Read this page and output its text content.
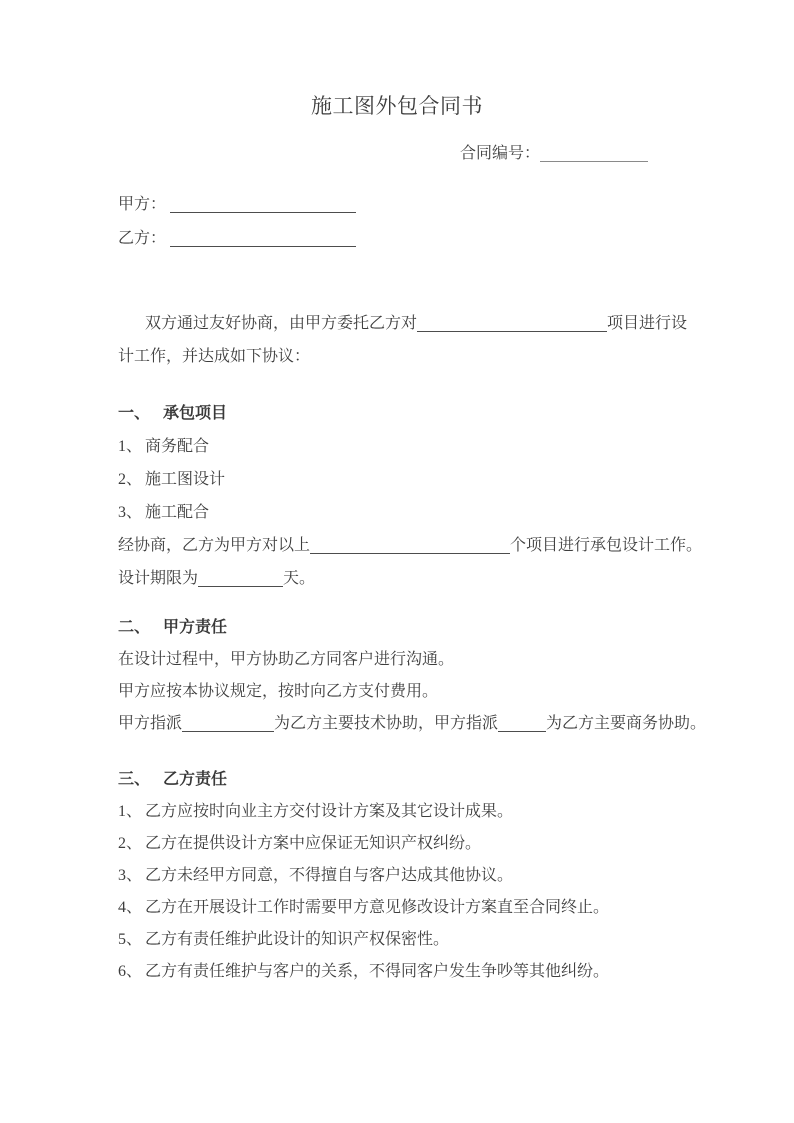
施工图外包合同书
合同编号：
甲方：
乙方：
双方通过友好协商，由甲方委托乙方对	项目进行设
计工作，并达成如下协议：
一、 承包项目
1、 商务配合
2、 施工图设计
3、 施工配合
经协商，乙方为甲方对以上	个项目进行承包设计工作。
设计期限为	天。
二、 甲方责任
在设计过程中，甲方协助乙方同客户进行沟通。
甲方应按本协议规定，按时向乙方支付费用。
甲方指派	为乙方主要技术协助，甲方指派	为乙方主要商务协助。
三、 乙方责任
1、 乙方应按时向业主方交付设计方案及其它设计成果。
2、 乙方在提供设计方案中应保证无知识产权纠纷。
3、 乙方未经甲方同意，不得擅自与客户达成其他协议。
4、 乙方在开展设计工作时需要甲方意见修改设计方案直至合同终止。
5、 乙方有责任维护此设计的知识产权保密性。
6、 乙方有责任维护与客户的关系，不得同客户发生争吵等其他纠纷。
